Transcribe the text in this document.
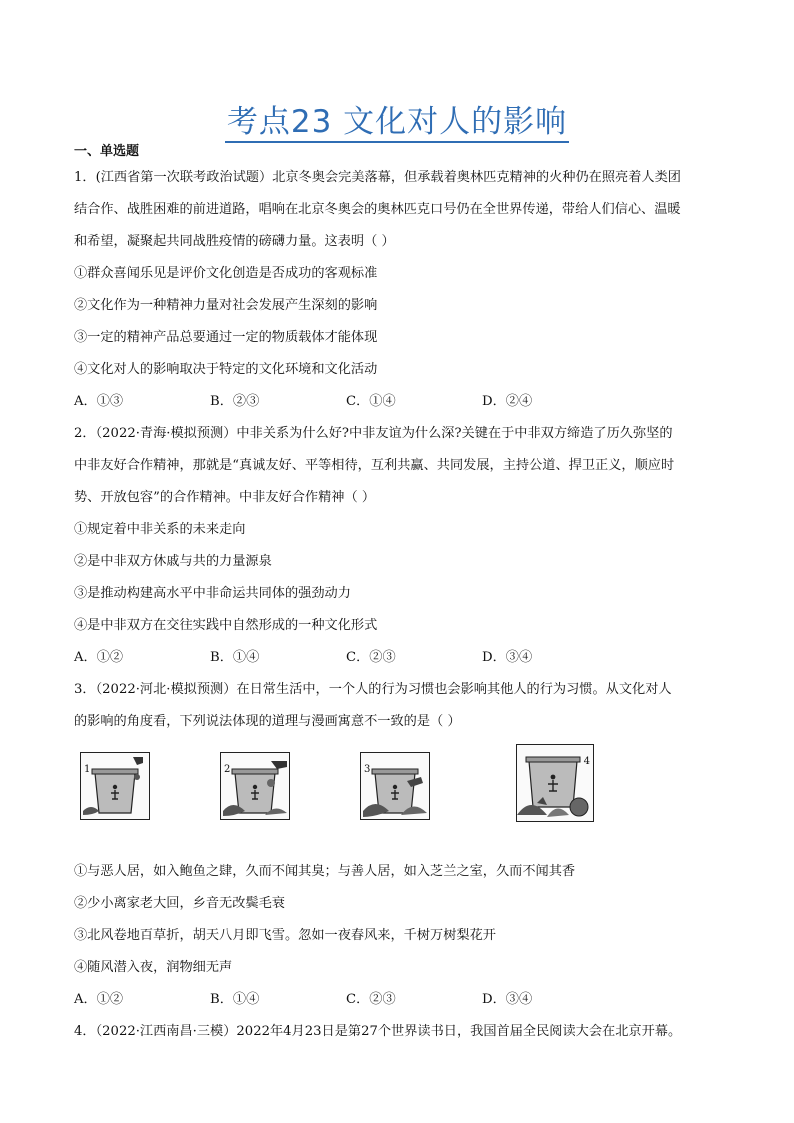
考点23 文化对人的影响
一、单选题
1．(江西省第一次联考政治试题）北京冬奥会完美落幕，但承载着奥林匹克精神的火种仍在照亮着人类团
结合作、战胜困难的前进道路，唱响在北京冬奥会的奥林匹克口号仍在全世界传递，带给人们信心、温暖
和希望，凝聚起共同战胜疫情的磅礴力量。这表明（ ）
①群众喜闻乐见是评价文化创造是否成功的客观标准
②文化作为一种精神力量对社会发展产生深刻的影响
③一定的精神产品总要通过一定的物质载体才能体现
④文化对人的影响取决于特定的文化环境和文化活动
A．①③	B．②③	C．①④	D．②④
2．（2022·青海·模拟预测）中非关系为什么好?中非友谊为什么深?关键在于中非双方缔造了历久弥坚的
中非友好合作精神，那就是“真诚友好、平等相待，互利共赢、共同发展，主持公道、捍卫正义，顺应时
势、开放包容”的合作精神。中非友好合作精神（ ）
①规定着中非关系的未来走向
②是中非双方休戚与共的力量源泉
③是推动构建高水平中非命运共同体的强劲动力
④是中非双方在交往实践中自然形成的一种文化形式
A．①②	B．①④	C．②③	D．③④
3．（2022·河北·模拟预测）在日常生活中，一个人的行为习惯也会影响其他人的行为习惯。从文化对人
的影响的角度看，下列说法体现的道理与漫画寓意不一致的是（ ）
1	2	3
4
①与恶人居，如入鲍鱼之肆，久而不闻其臭；与善人居，如入芝兰之室，久而不闻其香
②少小离家老大回，乡音无改鬓毛衰
③北风卷地百草折，胡天八月即飞雪。忽如一夜春风来，千树万树梨花开
④随风潜入夜，润物细无声
A．①②	B．①④	C．②③	D．③④
4．（2022·江西南昌·三模）2022年4月23日是第27个世界读书日，我国首届全民阅读大会在北京开幕。
